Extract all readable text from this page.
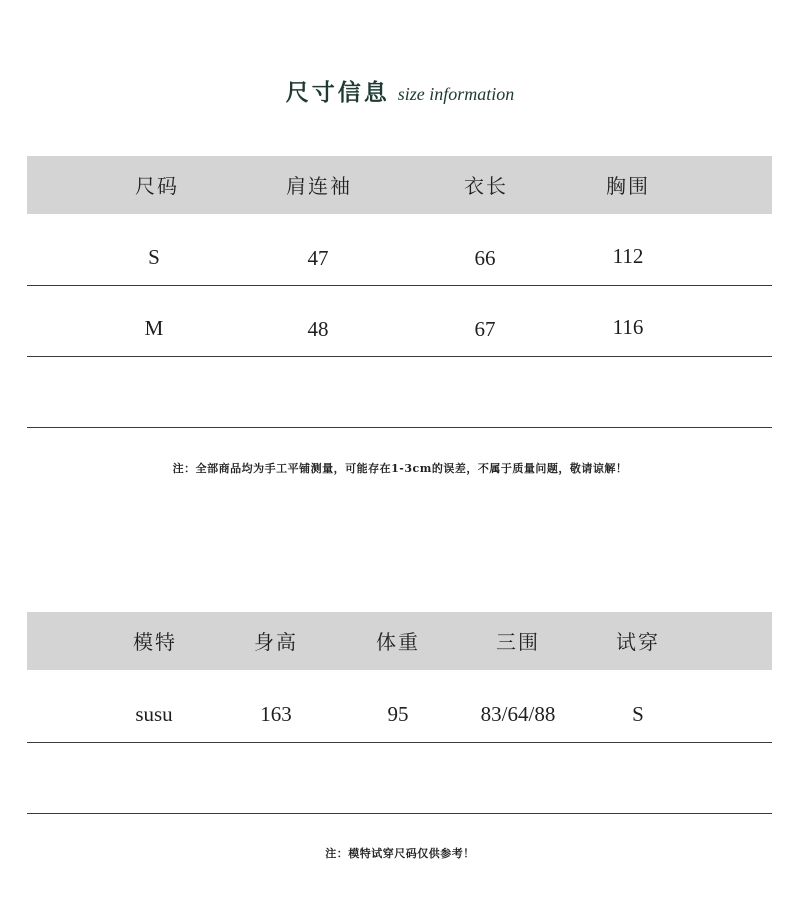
尺寸信息 size information
尺码	肩连袖	衣长	胸围
S	47	66	112
M	48	67	116
注：全部商品均为手工平铺测量，可能存在1-3cm的误差，不属于质量问题，敬请谅解！
模特	身高	体重	三围	试穿
susu	163	95	83/64/88	S
注：模特试穿尺码仅供参考！
